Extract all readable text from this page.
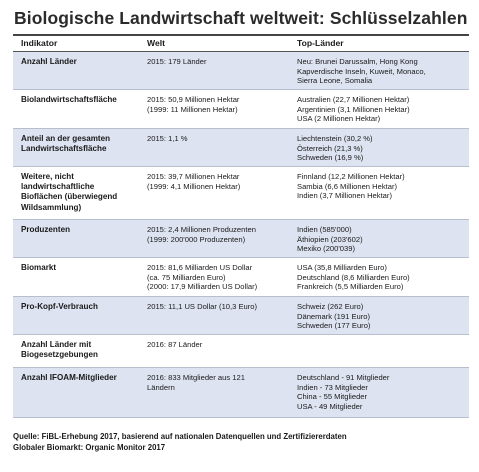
Biologische Landwirtschaft weltweit: Schlüsselzahlen
Indikator	Welt	Top-Länder

Anzahl Länder	2015: 179 Länder	Neu: Brunei Darussalm, Hong Kong
Kapverdische Inseln, Kuweit, Monaco,
Sierra Leone, Somalia

Biolandwirtschaftsfläche	2015: 50,9 Millionen Hektar
(1999: 11 Millionen Hektar)	Australien (22,7 Millionen Hektar)
Argentinien (3,1 Millionen Hektar)
USA (2 Millionen Hektar)

Anteil an der gesamten
Landwirtschaftsfläche	2015: 1,1 %	Liechtenstein (30,2 %)
Österreich (21,3 %)
Schweden (16,9 %)

Weitere, nicht
landwirtschaftliche
Bioflächen (überwiegend
Wildsammlung)	2015: 39,7 Millionen Hektar
(1999: 4,1 Millionen Hektar)	Finnland (12,2 Millionen Hektar)
Sambia (6,6 Millionen Hektar)
Indien (3,7 Millionen Hektar)

Produzenten	2015: 2,4 Millionen Produzenten
(1999: 200'000 Produzenten)	Indien (585'000)
Äthiopien (203'602)
Mexiko (200'039)

Biomarkt	2015: 81,6 Milliarden US Dollar
(ca. 75 Milliarden Euro)
(2000: 17,9 Milliarden US Dollar)	USA (35,8 Milliarden Euro)
Deutschland (8,6 Milliarden Euro)
Frankreich (5,5 Milliarden Euro)

Pro-Kopf-Verbrauch	2015: 11,1 US Dollar (10,3 Euro)	Schweiz (262 Euro)
Dänemark (191 Euro)
Schweden (177 Euro)

Anzahl Länder mit
Biogesetzgebungen	2016: 87 Länder	

Anzahl IFOAM-Mitglieder	2016: 833 Mitglieder aus 121
Ländern	Deutschland - 91 Mitglieder
Indien - 73 Mitglieder
China - 55 Mitglieder
USA - 49 Mitglieder
Quelle: FiBL-Erhebung 2017, basierend auf nationalen Datenquellen und Zertifiziererdaten
Globaler Biomarkt: Organic Monitor 2017
